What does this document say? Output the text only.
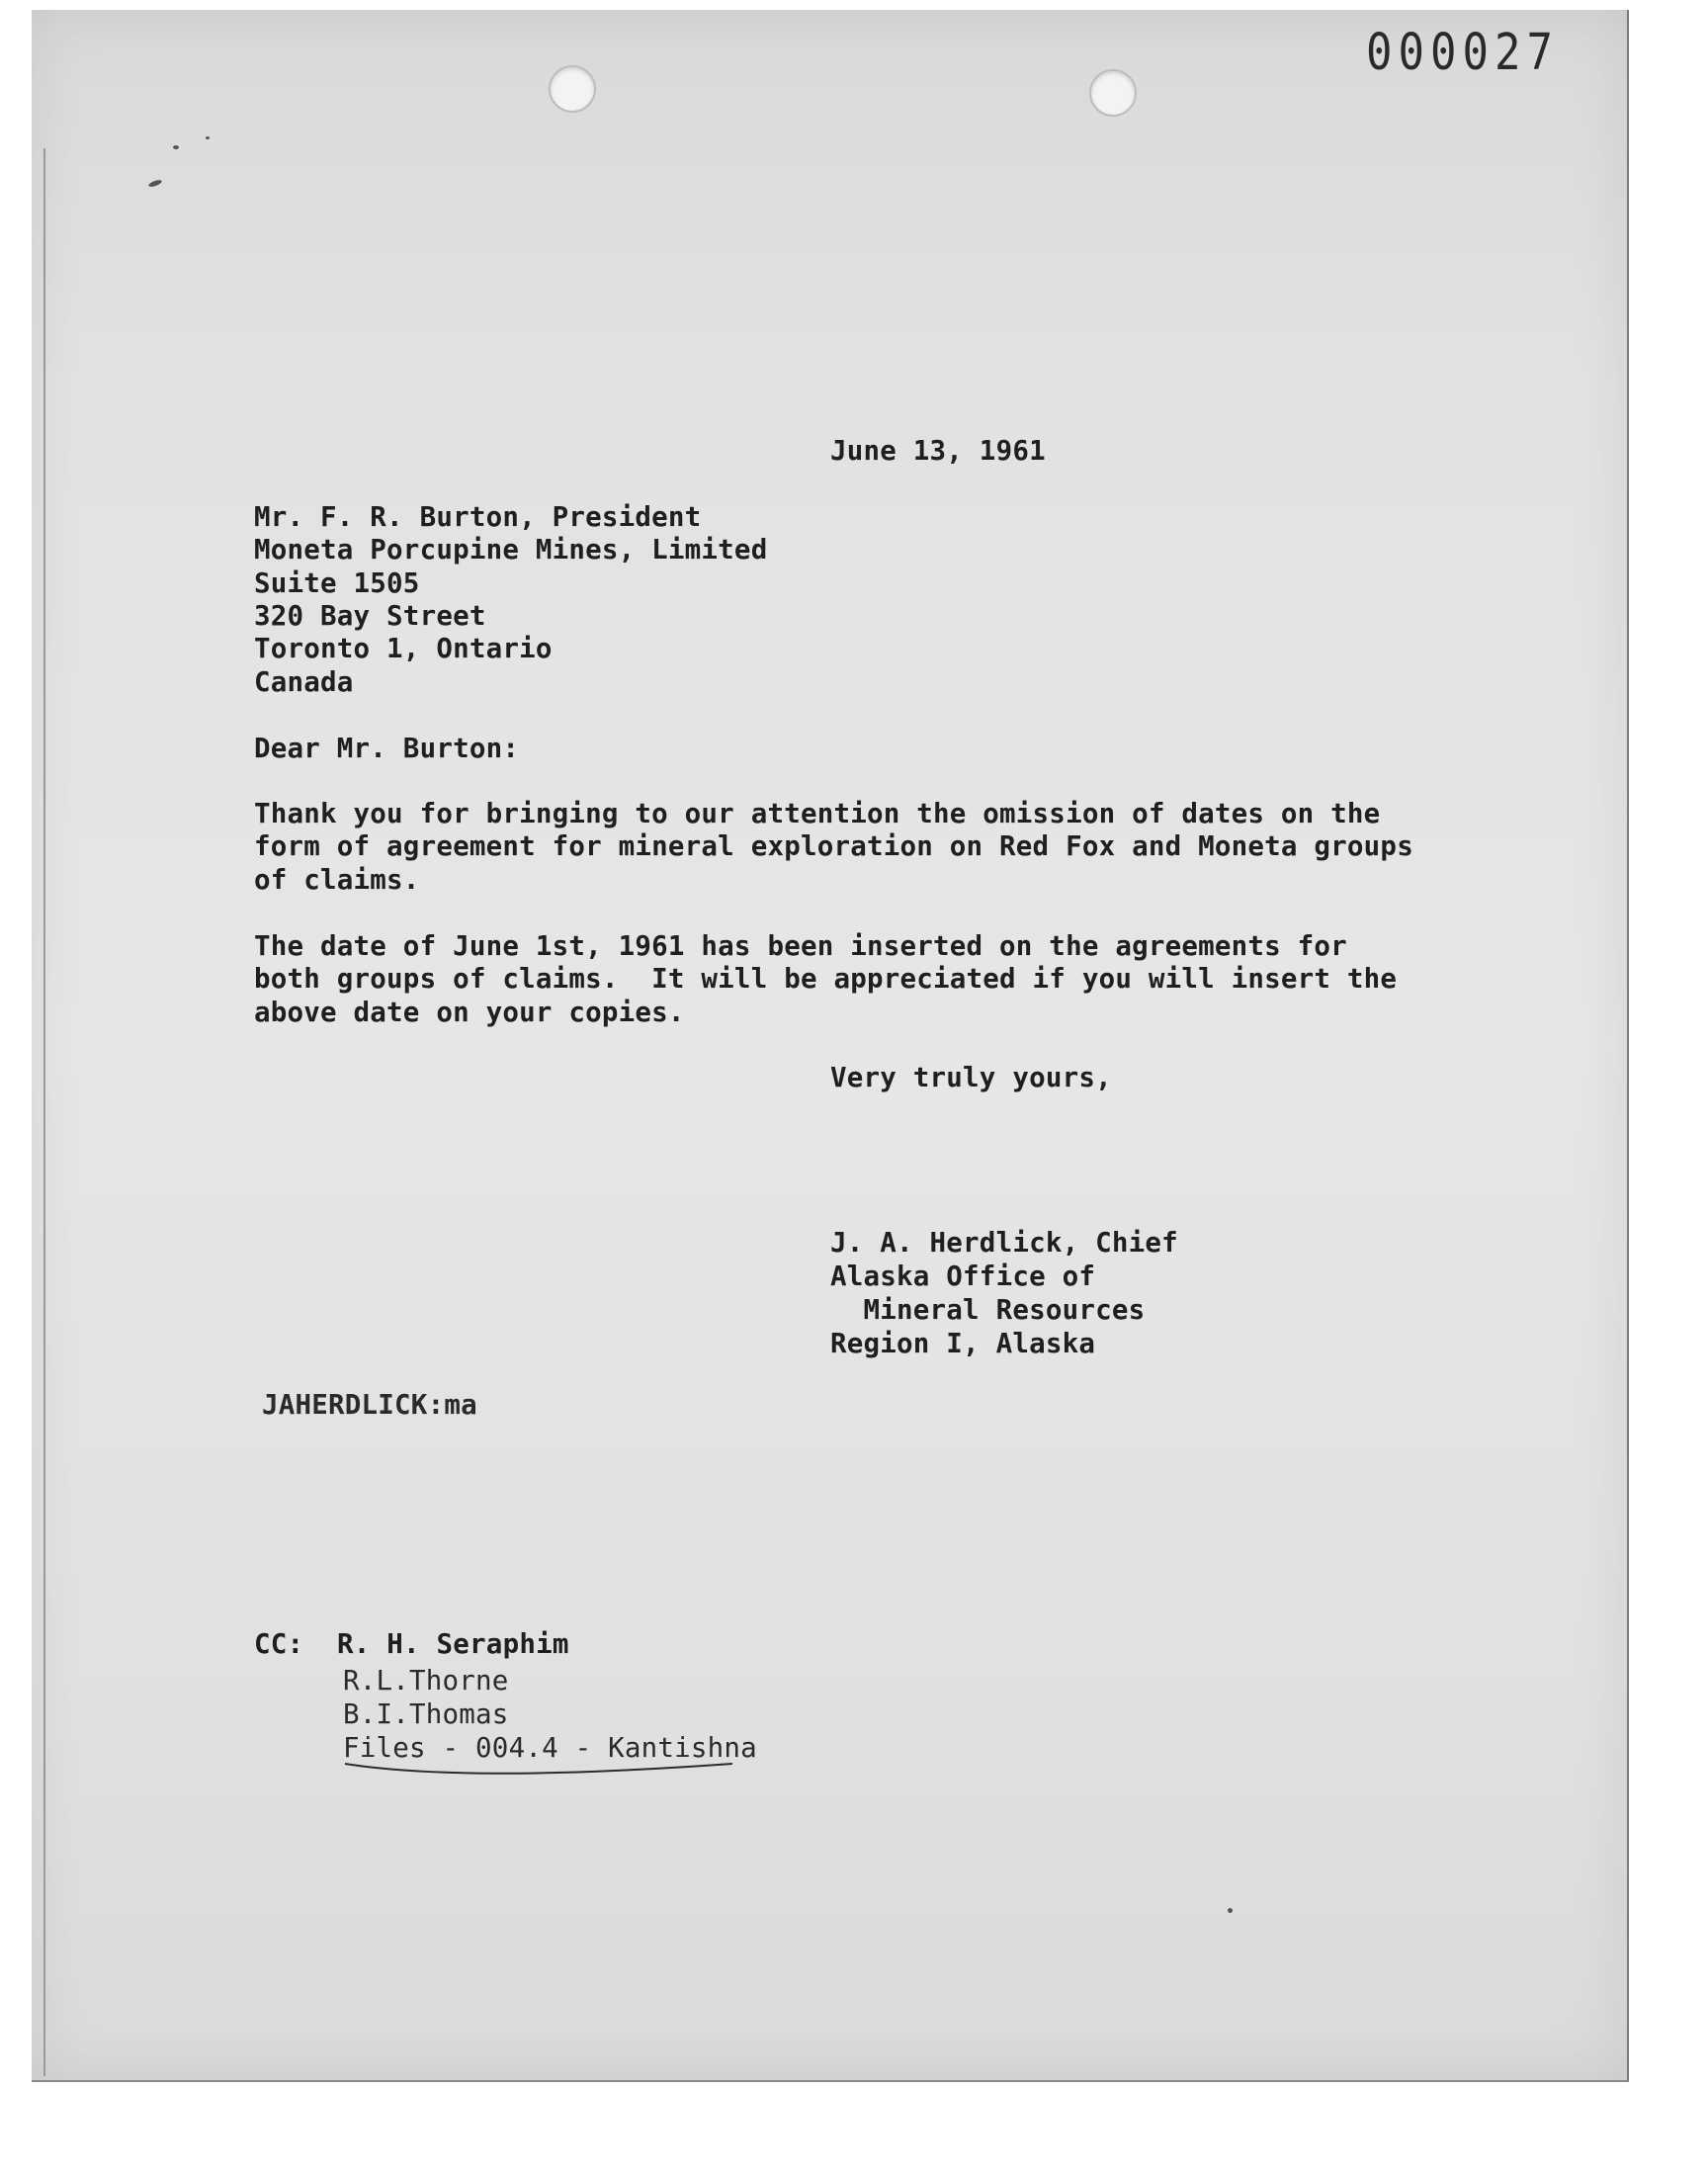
000027
June 13, 1961
Mr. F. R. Burton, President
Moneta Porcupine Mines, Limited
Suite 1505
320 Bay Street
Toronto 1, Ontario
Canada
Dear Mr. Burton:
Thank you for bringing to our attention the omission of dates on the
form of agreement for mineral exploration on Red Fox and Moneta groups
of claims.
The date of June 1st, 1961 has been inserted on the agreements for
both groups of claims.  It will be appreciated if you will insert the
above date on your copies.
Very truly yours,
J. A. Herdlick, Chief
Alaska Office of
Mineral Resources
Region I, Alaska
JAHERDLICK:ma
CC: R. H. Seraphim
R.L.Thorne
B.I.Thomas
Files - 004.4 - Kantishna
